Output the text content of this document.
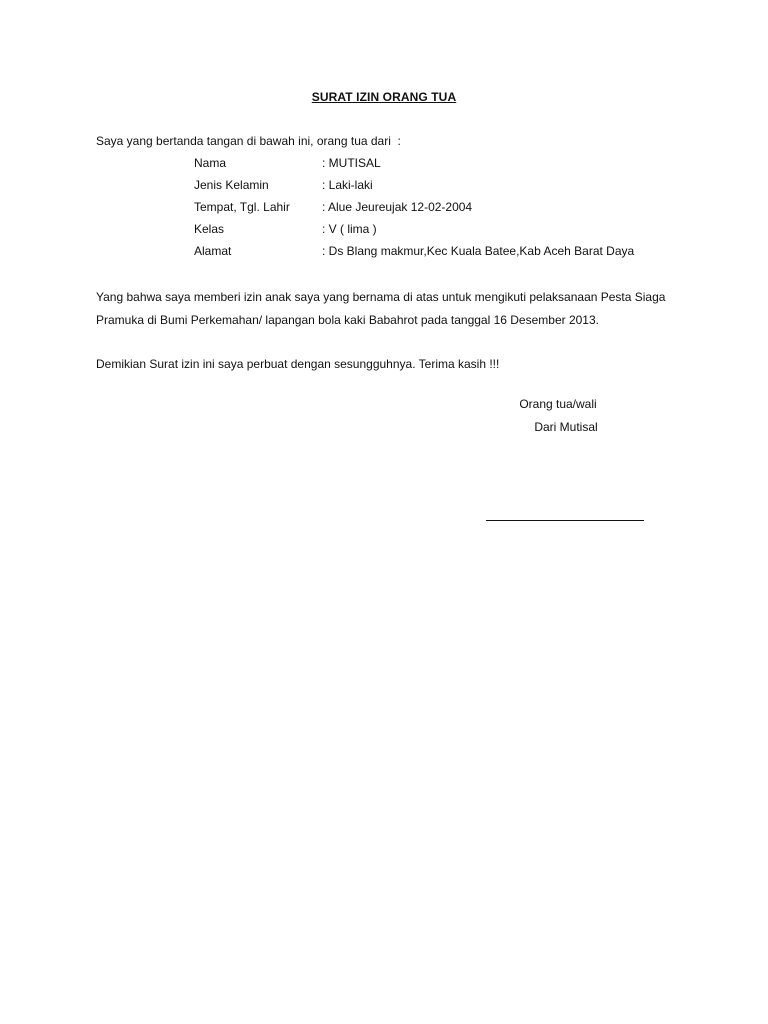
SURAT IZIN ORANG TUA
Saya yang bertanda tangan di bawah ini, orang tua dari  :
Nama	: MUTISAL
Jenis Kelamin	: Laki-laki
Tempat, Tgl. Lahir	: Alue Jeureujak 12-02-2004
Kelas	: V ( lima )
Alamat	: Ds Blang makmur,Kec Kuala Batee,Kab Aceh Barat Daya
Yang bahwa saya memberi izin anak saya yang bernama di atas untuk mengikuti pelaksanaan Pesta Siaga
Pramuka di Bumi Perkemahan/ lapangan bola kaki Babahrot pada tanggal 16 Desember 2013.
Demikian Surat izin ini saya perbuat dengan sesungguhnya. Terima kasih !!!
Orang tua/wali
Dari Mutisal
